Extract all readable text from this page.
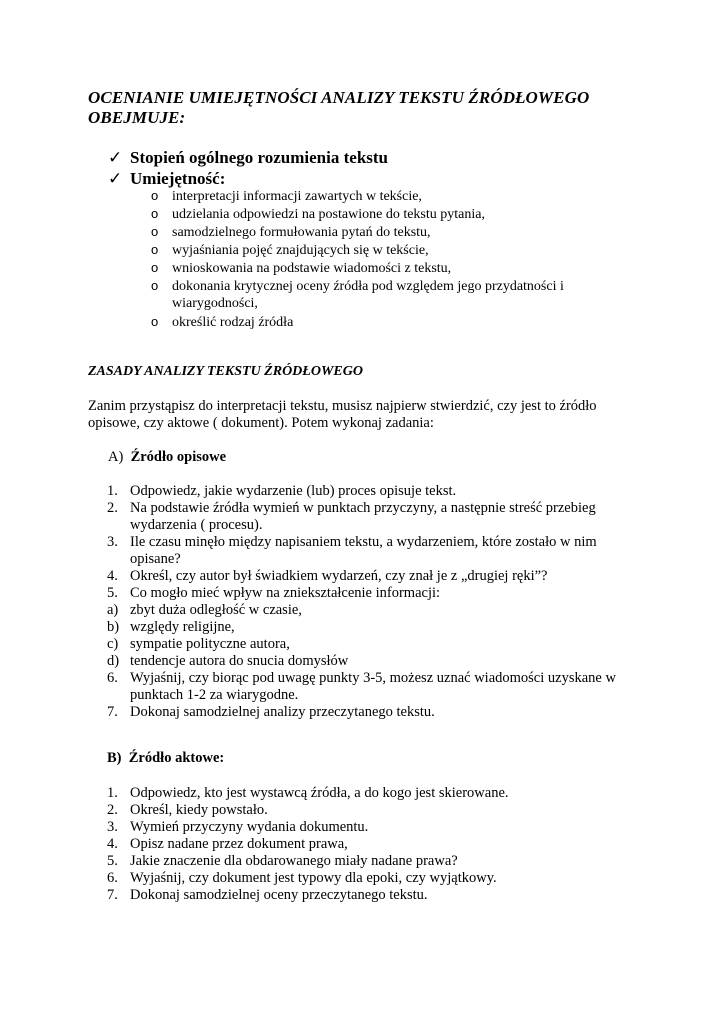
OCENIANIE UMIEJĘTNOŚCI ANALIZY TEKSTU ŹRÓDŁOWEGO
OBEJMUJE:
✓ Stopień ogólnego rozumienia tekstu
✓ Umiejętność:
o interpretacji informacji zawartych w tekście,
o udzielania odpowiedzi na postawione do tekstu pytania,
o samodzielnego formułowania pytań do tekstu,
o wyjaśniania pojęć znajdujących się w tekście,
o wnioskowania na podstawie wiadomości z tekstu,
o dokonania krytycznej oceny źródła pod względem jego przydatności i
wiarygodności,
o określić rodzaj źródła
ZASADY ANALIZY TEKSTU ŹRÓDŁOWEGO
Zanim przystąpisz do interpretacji tekstu, musisz najpierw stwierdzić, czy jest to źródło
opisowe, czy aktowe ( dokument). Potem wykonaj zadania:
A) Źródło opisowe
1. Odpowiedz, jakie wydarzenie (lub) proces opisuje tekst.
2. Na podstawie źródła wymień w punktach przyczyny, a następnie streść przebieg
wydarzenia ( procesu).
3. Ile czasu minęło między napisaniem tekstu, a wydarzeniem, które zostało w nim
opisane?
4. Określ, czy autor był świadkiem wydarzeń, czy znał je z „drugiej ręki”?
5. Co mogło mieć wpływ na zniekształcenie informacji:
a) zbyt duża odległość w czasie,
b) względy religijne,
c) sympatie polityczne autora,
d) tendencje autora do snucia domysłów
6. Wyjaśnij, czy biorąc pod uwagę punkty 3-5, możesz uznać wiadomości uzyskane w
punktach 1-2 za wiarygodne.
7. Dokonaj samodzielnej analizy przeczytanego tekstu.
B) Źródło aktowe:
1. Odpowiedz, kto jest wystawcą źródła, a do kogo jest skierowane.
2. Określ, kiedy powstało.
3. Wymień przyczyny wydania dokumentu.
4. Opisz nadane przez dokument prawa,
5. Jakie znaczenie dla obdarowanego miały nadane prawa?
6. Wyjaśnij, czy dokument jest typowy dla epoki, czy wyjątkowy.
7. Dokonaj samodzielnej oceny przeczytanego tekstu.
